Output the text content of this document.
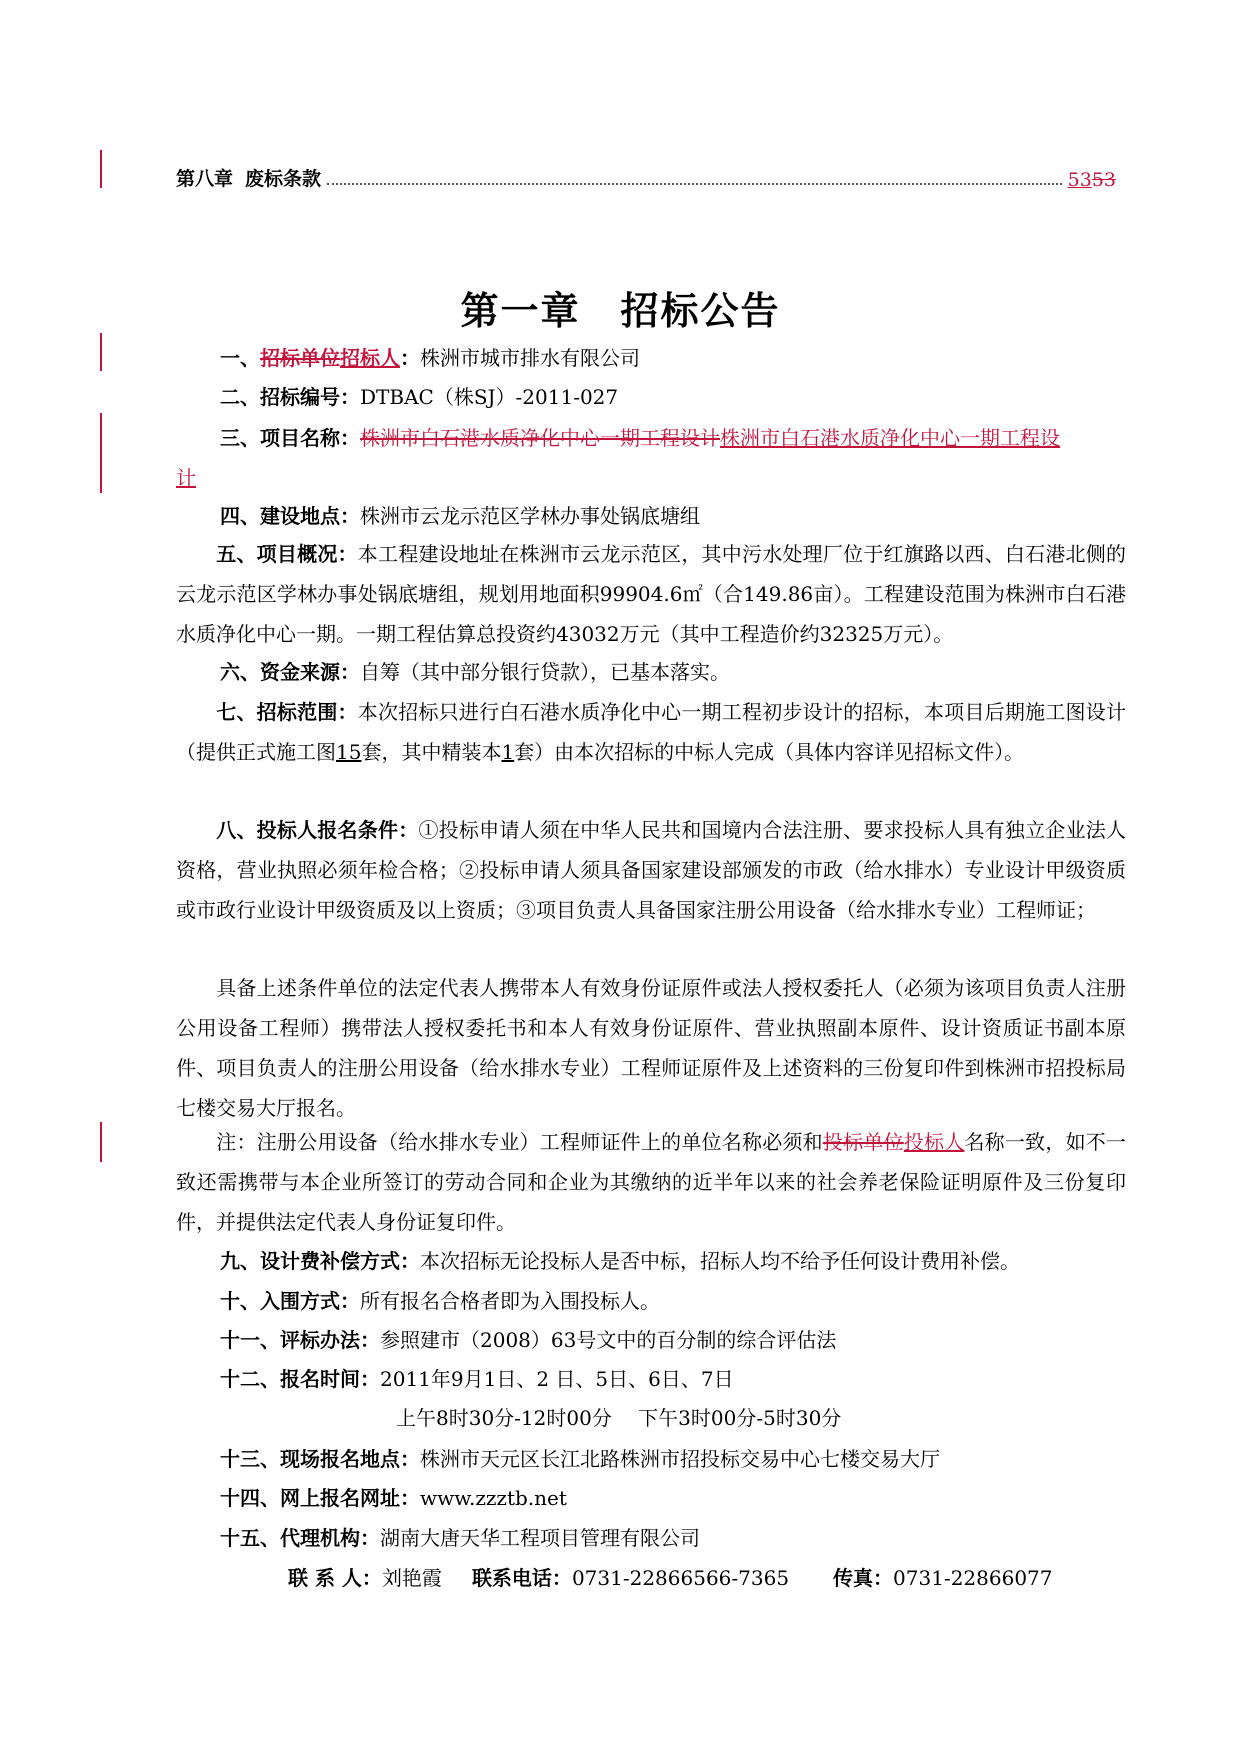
第八章 废标条款	53 53
第一章 招标公告
一、招标单位招标人：株洲市城市排水有限公司
二、招标编号：DTBAC（株SJ）-2011-027
三、项目名称：株洲市白石港水质净化中心一期工程设计株洲市白石港水质净化中心一期工程设
计
四、建设地点：株洲市云龙示范区学林办事处锅底塘组
五、项目概况：本工程建设地址在株洲市云龙示范区，其中污水处理厂位于红旗路以西、白石港北侧的云龙示范区学林办事处锅底塘组，规划用地面积99904.6㎡（合149.86亩）。工程建设范围为株洲市白石港水质净化中心一期。一期工程估算总投资约43032万元（其中工程造价约32325万元）。
六、资金来源：自筹（其中部分银行贷款），已基本落实。
七、招标范围：本次招标只进行白石港水质净化中心一期工程初步设计的招标，本项目后期施工图设计（提供正式施工图15套，其中精装本1套）由本次招标的中标人完成（具体内容详见招标文件）。
八、投标人报名条件：①投标申请人须在中华人民共和国境内合法注册、要求投标人具有独立企业法人资格，营业执照必须年检合格；②投标申请人须具备国家建设部颁发的市政（给水排水）专业设计甲级资质或市政行业设计甲级资质及以上资质；③项目负责人具备国家注册公用设备（给水排水专业）工程师证；
具备上述条件单位的法定代表人携带本人有效身份证原件或法人授权委托人（必须为该项目负责人注册公用设备工程师）携带法人授权委托书和本人有效身份证原件、营业执照副本原件、设计资质证书副本原件、项目负责人的注册公用设备（给水排水专业）工程师证原件及上述资料的三份复印件到株洲市招投标局七楼交易大厅报名。
注：注册公用设备（给水排水专业）工程师证件上的单位名称必须和投标单位投标人名称一致，如不一致还需携带与本企业所签订的劳动合同和企业为其缴纳的近半年以来的社会养老保险证明原件及三份复印件，并提供法定代表人身份证复印件。
九、设计费补偿方式：本次招标无论投标人是否中标，招标人均不给予任何设计费用补偿。
十、入围方式：所有报名合格者即为入围投标人。
十一、评标办法：参照建市（2008）63号文中的百分制的综合评估法
十二、报名时间：2011年9月1日、2 日、5日、6日、7日
上午8时30分-12时00分　 下午3时00分-5时30分
十三、现场报名地点：株洲市天元区长江北路株洲市招投标交易中心七楼交易大厅
十四、网上报名网址：www.zzztb.net
十五、代理机构：湖南大唐天华工程项目管理有限公司
联 系 人：刘艳霞 联系电话：0731-22866566-7365 传真：0731-22866077
